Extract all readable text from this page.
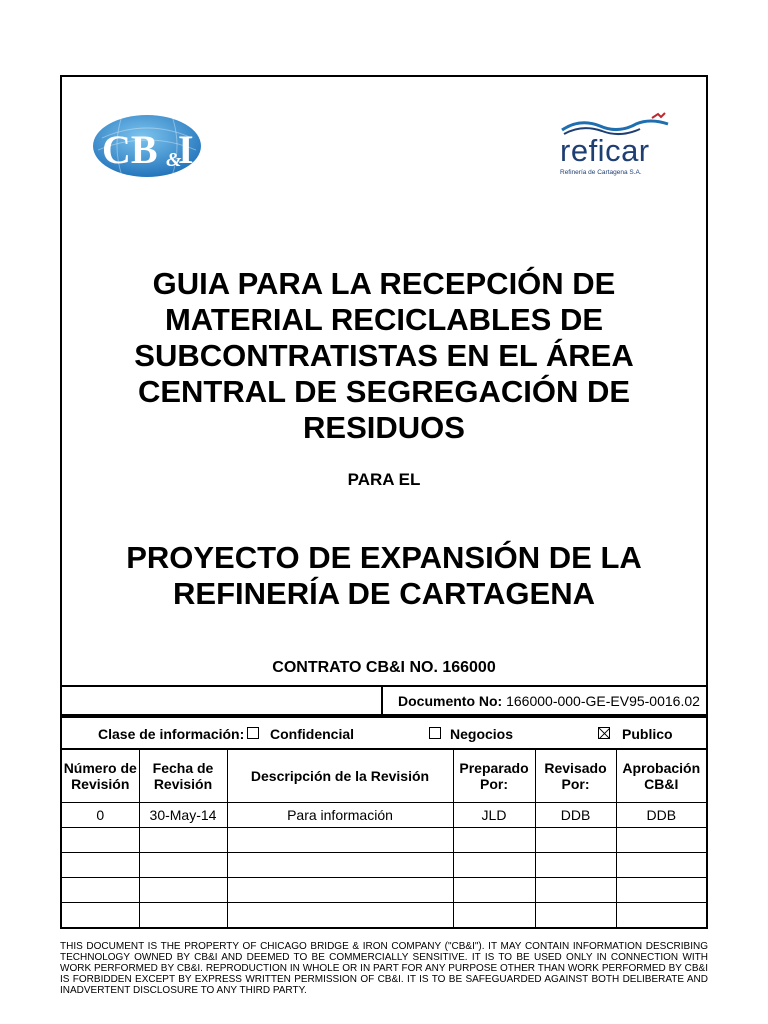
CB &
I	reficar
Refinería de Cartagena S.A.
GUIA PARA LA RECEPCIÓN DE
MATERIAL RECICLABLES DE
SUBCONTRATISTAS EN EL ÁREA
CENTRAL DE SEGREGACIÓN DE
RESIDUOS
PARA EL
PROYECTO DE EXPANSIÓN DE LA
REFINERÍA DE CARTAGENA
CONTRATO CB&I NO. 166000
Documento No: 166000-000-GE-EV95-0016.02
Clase de información: Confidencial	Negocios	Publico
Número de Revisión	Fecha de Revisión	Descripción de la Revisión	Preparado Por:	Revisado Por:	Aprobación CB&I
0	30-May-14	Para información	JLD	DDB	DDB

THIS DOCUMENT IS THE PROPERTY OF CHICAGO BRIDGE & IRON COMPANY ("CB&I"). IT MAY CONTAIN INFORMATION DESCRIBING TECHNOLOGY OWNED BY CB&I AND DEEMED TO BE COMMERCIALLY SENSITIVE. IT IS TO BE USED ONLY IN CONNECTION WITH WORK PERFORMED BY CB&I. REPRODUCTION IN WHOLE OR IN PART FOR ANY PURPOSE OTHER THAN WORK PERFORMED BY CB&I IS FORBIDDEN EXCEPT BY EXPRESS WRITTEN PERMISSION OF CB&I. IT IS TO BE SAFEGUARDED AGAINST BOTH DELIBERATE AND INADVERTENT DISCLOSURE TO ANY THIRD PARTY.
